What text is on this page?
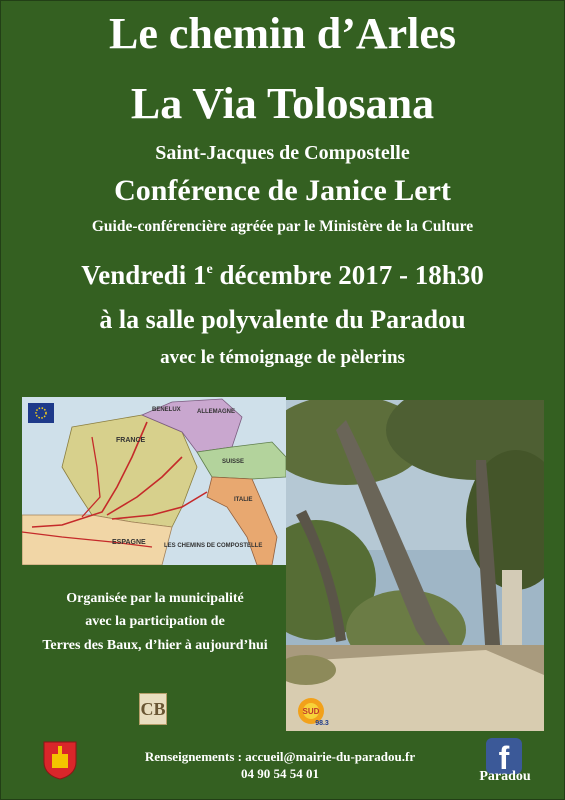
Le chemin d’Arles
La Via Tolosana
Saint-Jacques de Compostelle
Conférence de Janice Lert
Guide-conférencière agréée par le Ministère de la Culture
Vendredi 1e décembre 2017 - 18h30
à la salle polyvalente du Paradou
avec le témoignage de pèlerins
FRANCE
ESPAGNE
ALLEMAGNE
ITALIE
SUISSE
BENELUX
LES CHEMINS DE COMPOSTELLE
Organisée par la municipalité
avec la participation de
Terres des Baux, d’hier à aujourd’hui
CB	SUD
98.3
Renseignements : accueil@mairie-du-paradou.fr
04 90 54 54 01	f
Paradou
